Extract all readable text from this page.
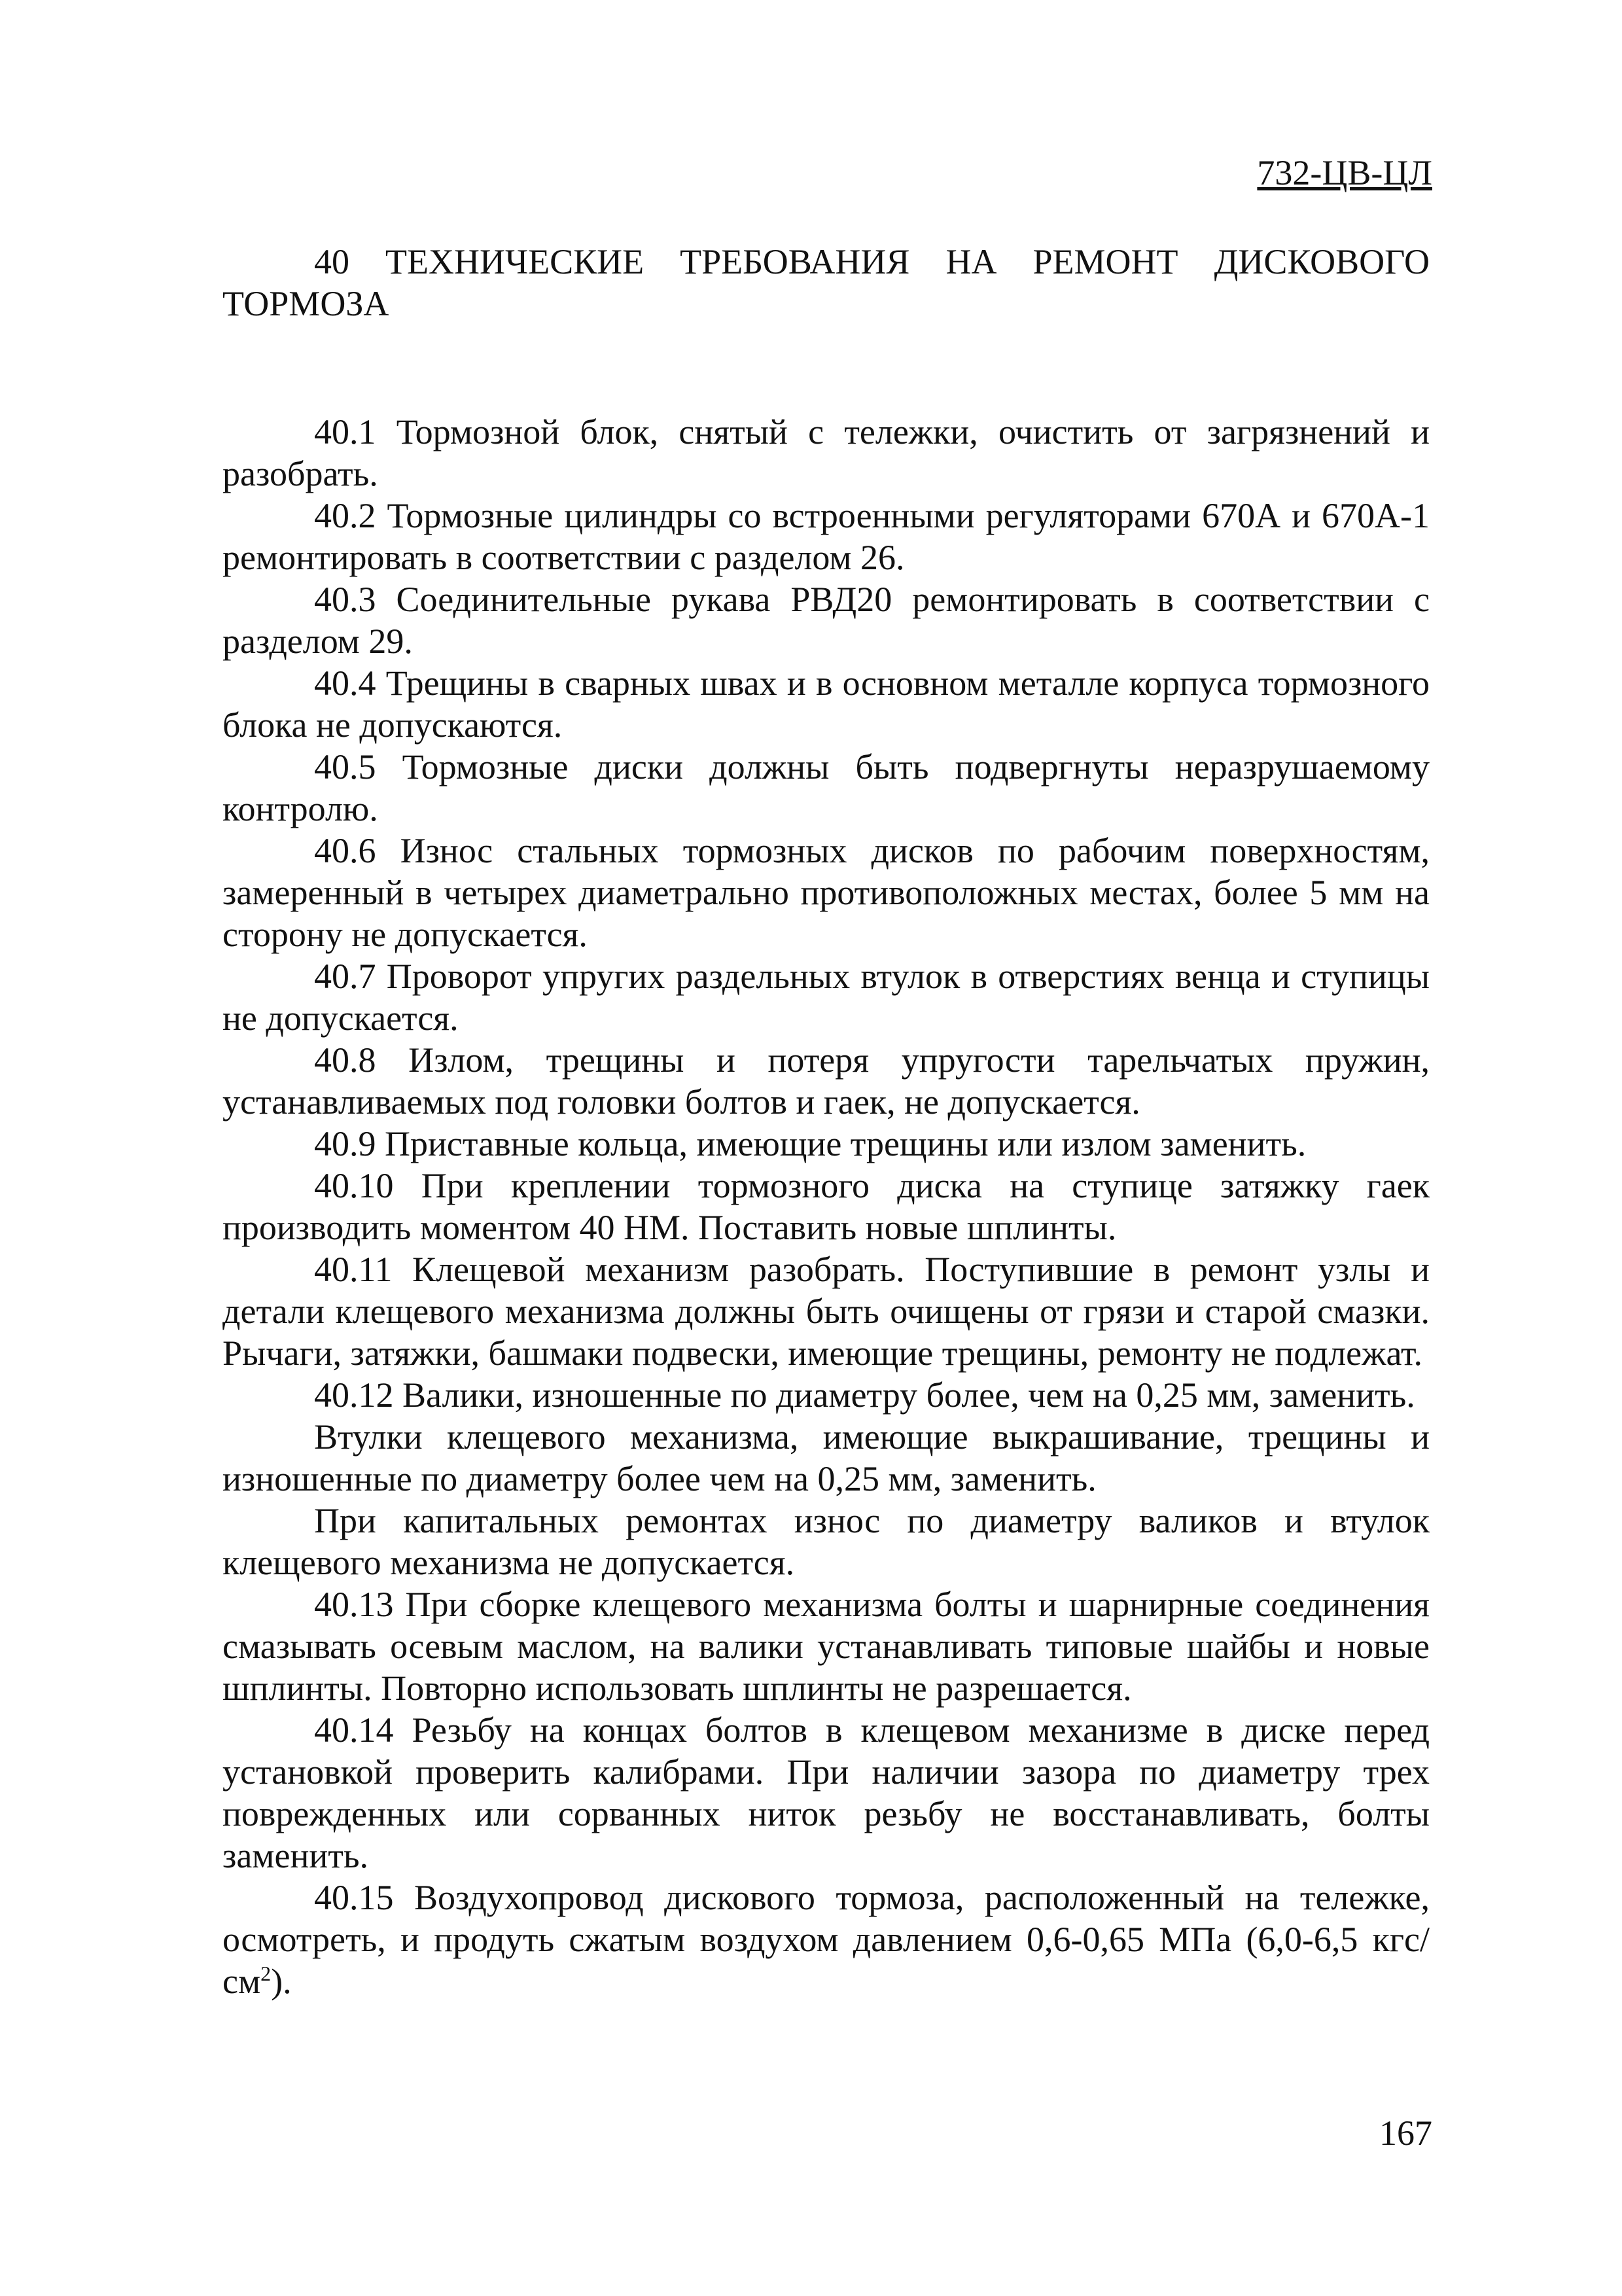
732-ЦВ-ЦЛ
40 ТЕХНИЧЕСКИЕ ТРЕБОВАНИЯ НА РЕМОНТ ДИСКОВОГО
ТОРМОЗА

40.1 Тормозной блок, снятый с тележки, очистить от загрязнений и разобрать.

40.2 Тормозные цилиндры со встроенными регуляторами 670А и 670А-1 ремонтировать в соответствии с разделом 26.

40.3 Соединительные рукава РВД20 ремонтировать в соответствии с разделом 29.

40.4 Трещины в сварных швах и в основном металле корпуса тормозного блока не допускаются.

40.5 Тормозные диски должны быть подвергнуты неразрушаемому контролю.

40.6 Износ стальных тормозных дисков по рабочим поверхностям, замеренный в четырех диаметрально противоположных местах, более 5 мм на сторону не допускается.

40.7 Проворот упругих раздельных втулок в отверстиях венца и ступицы не допускается.

40.8 Излом, трещины и потеря упругости тарельчатых пружин, устанавливаемых под головки болтов и гаек, не допускается.

40.9 Приставные кольца, имеющие трещины или излом заменить.

40.10 При креплении тормозного диска на ступице затяжку гаек производить моментом 40 НМ. Поставить новые шплинты.

40.11 Клещевой механизм разобрать. Поступившие в ремонт узлы и детали клещевого механизма должны быть очищены от грязи и старой смазки. Рычаги, затяжки, башмаки подвески, имеющие трещины, ремонту не подлежат.

40.12 Валики, изношенные по диаметру более, чем на 0,25 мм, заменить.

Втулки клещевого механизма, имеющие выкрашивание, трещины и изношенные по диаметру более чем на 0,25 мм, заменить.

При капитальных ремонтах износ по диаметру валиков и втулок клещевого механизма не допускается.

40.13 При сборке клещевого механизма болты и шарнирные соединения смазывать осевым маслом, на валики устанавливать типовые шайбы и новые шплинты. Повторно использовать шплинты не разрешается.

40.14 Резьбу на концах болтов в клещевом механизме в диске перед установкой проверить калибрами. При наличии зазора по диаметру трех поврежденных или сорванных ниток резьбу не восстанавливать, болты заменить.

40.15 Воздухопровод дискового тормоза, расположенный на тележке, осмотреть, и продуть сжатым воздухом давлением 0,6-0,65 МПа (6,0-6,5 кгс/$см^2$).

167
